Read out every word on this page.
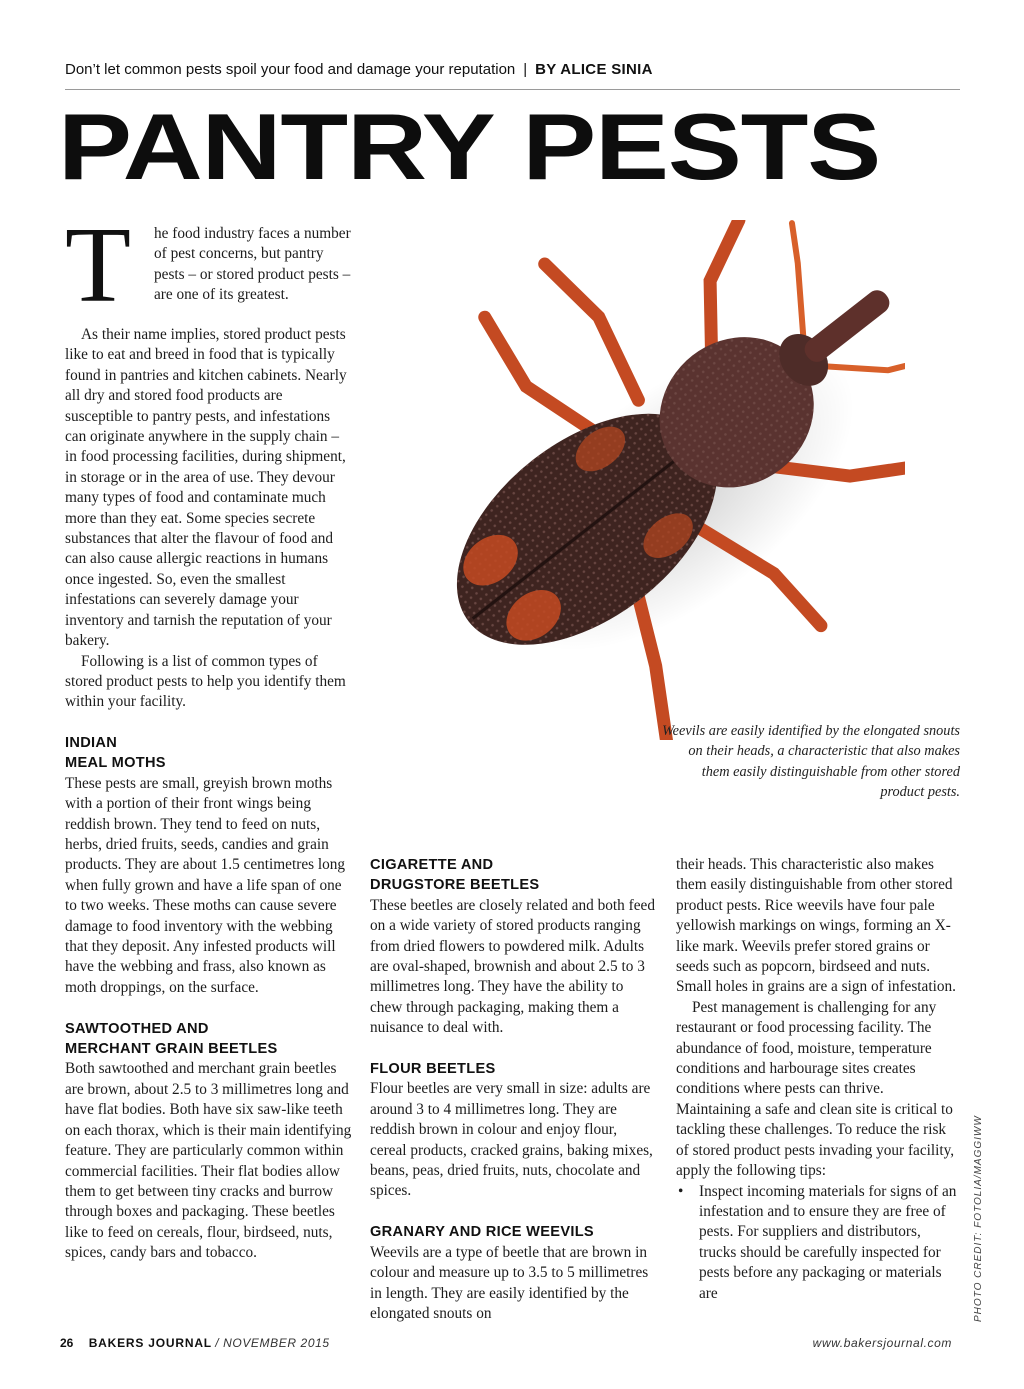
Don’t let common pests spoil your food and damage your reputation | BY ALICE SINIA
PANTRY PESTS
T he food industry faces a number of pest concerns, but pantry pests – or stored product pests – are one of its greatest.

As their name implies, stored product pests like to eat and breed in food that is typically found in pantries and kitchen cabinets. Nearly all dry and stored food products are susceptible to pantry pests, and infestations can originate anywhere in the supply chain – in food processing facilities, during shipment, in storage or in the area of use. They devour many types of food and contaminate much more than they eat. Some species secrete substances that alter the flavour of food and can also cause allergic reactions in humans once ingested. So, even the smallest infestations can severely damage your inventory and tarnish the reputation of your bakery.

Following is a list of common types of stored product pests to help you identify them within your facility.

INDIAN

MEAL MOTHS

These pests are small, greyish brown moths with a portion of their front wings being reddish brown. They tend to feed on nuts, herbs, dried fruits, seeds, candies and grain products. They are about 1.5 centimetres long when fully grown and have a life span of one to two weeks. These moths can cause severe damage to food inventory with the webbing that they deposit. Any infested products will have the webbing and frass, also known as moth droppings, on the surface.

SAWTOOTHED AND

MERCHANT GRAIN BEETLES

Both sawtoothed and merchant grain beetles are brown, about 2.5 to 3 millimetres long and have flat bodies. Both have six saw-like teeth on each thorax, which is their main identifying feature. They are particularly common within commercial facilities. Their flat bodies allow them to get between tiny cracks and burrow through boxes and packaging. These beetles like to feed on cereals, flour, birdseed, nuts, spices, candy bars and tobacco.

Weevils are easily identified by the elongated snouts on their heads, a characteristic that also makes them easily distinguishable from other stored product pests.

CIGARETTE AND

DRUGSTORE BEETLES

These beetles are closely related and both feed on a wide variety of stored products ranging from dried flowers to powdered milk. Adults are oval-shaped, brownish and about 2.5 to 3 millimetres long. They have the ability to chew through packaging, making them a nuisance to deal with.

FLOUR BEETLES

Flour beetles are very small in size: adults are around 3 to 4 millimetres long. They are reddish brown in colour and enjoy flour, cereal products, cracked grains, baking mixes, beans, peas, dried fruits, nuts, chocolate and spices.

GRANARY AND RICE WEEVILS

Weevils are a type of beetle that are brown in colour and measure up to 3.5 to 5 millimetres in length. They are easily identified by the elongated snouts on

their heads. This characteristic also makes them easily distinguishable from other stored product pests. Rice weevils have four pale yellowish markings on wings, forming an X-like mark. Weevils prefer stored grains or seeds such as popcorn, birdseed and nuts. Small holes in grains are a sign of infestation.

Pest management is challenging for any restaurant or food processing facility. The abundance of food, moisture, temperature conditions and harbourage sites creates conditions where pests can thrive. Maintaining a safe and clean site is critical to tackling these challenges. To reduce the risk of stored product pests invading your facility, apply the following tips:

• Inspect incoming materials for signs of an infestation and to ensure they are free of pests. For suppliers and distributors, trucks should be carefully inspected for pests before any packaging or materials are	PHOTO CREDIT: FOTOLIA/MAGGIWW
26 BAKERS JOURNAL / NOVEMBER 2015	www.bakersjournal.com
